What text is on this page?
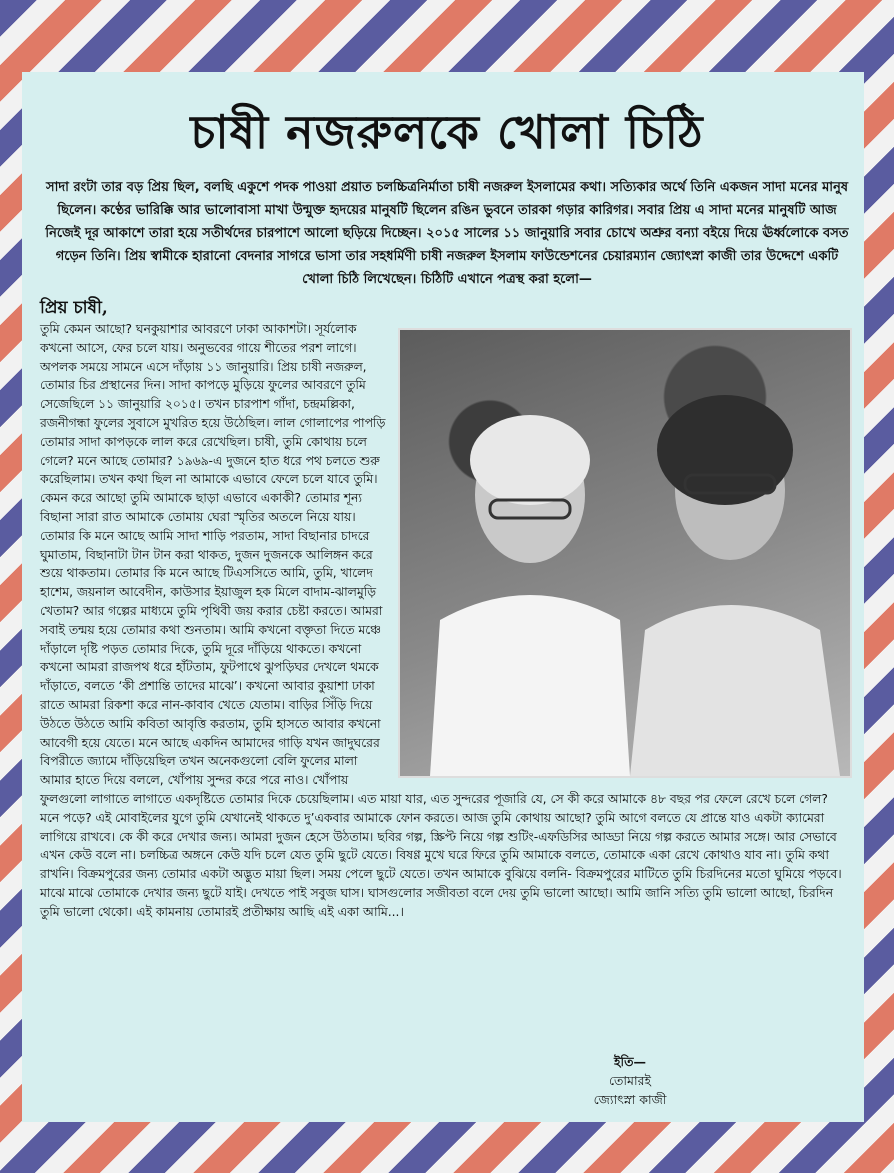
চাষী নজরুলকে খোলা চিঠি

সাদা রংটা তার বড় প্রিয় ছিল, বলছি একুশে পদক পাওয়া প্রয়াত চলচ্চিত্রনির্মাতা চাষী নজরুল ইসলামের কথা। সত্যিকার অর্থে তিনি একজন সাদা মনের মানুষ ছিলেন। কণ্ঠের ভারিক্কি আর ভালোবাসা মাখা উন্মুক্ত হৃদয়ের মানুষটি ছিলেন রঙিন ভুবনে তারকা গড়ার কারিগর। সবার প্রিয় এ সাদা মনের মানুষটি আজ নিজেই দূর আকাশে তারা হয়ে সতীর্থদের চারপাশে আলো ছড়িয়ে দিচ্ছেন। ২০১৫ সালের ১১ জানুয়ারি সবার চোখে অশ্রুর বন্যা বইয়ে দিয়ে ঊর্ধ্বলোকে বসত গড়েন তিনি। প্রিয় স্বামীকে হারানো বেদনার সাগরে ভাসা তার সহধর্মিণী চাষী নজরুল ইসলাম ফাউন্ডেশনের চেয়ারম্যান জ্যোৎস্না কাজী তার উদ্দেশে একটি খোলা চিঠি লিখেছেন। চিঠিটি এখানে পত্রস্থ করা হলো—

প্রিয় চাষী,

তুমি কেমন আছো? ঘনকুয়াশার আবরণে ঢাকা আকাশটা। সূর্যলোক কখনো আসে, ফের চলে যায়। অনুভবের গায়ে শীতের পরশ লাগে। অপলক সময়ে সামনে এসে দাঁড়ায় ১১ জানুয়ারি। প্রিয় চাষী নজরুল, তোমার চির প্রস্থানের দিন। সাদা কাপড়ে মুড়িয়ে ফুলের আবরণে তুমি সেজেছিলে ১১ জানুয়ারি ২০১৫। তখন চারপাশ গাঁদা, চন্দ্রমল্লিকা, রজনীগন্ধা ফুলের সুবাসে মুখরিত হয়ে উঠেছিল। লাল গোলাপের পাপড়ি তোমার সাদা কাপড়কে লাল করে রেখেছিল। চাষী, তুমি কোথায় চলে গেলে? মনে আছে তোমার? ১৯৬৯-এ দুজনে হাত ধরে পথ চলতে শুরু করেছিলাম। তখন কথা ছিল না আমাকে এভাবে ফেলে চলে যাবে তুমি। কেমন করে আছো তুমি আমাকে ছাড়া এভাবে একাকী? তোমার শূন্য বিছানা সারা রাত আমাকে তোমায় ঘেরা স্মৃতির অতলে নিয়ে যায়। তোমার কি মনে আছে আমি সাদা শাড়ি পরতাম, সাদা বিছানার চাদরে ঘুমাতাম, বিছানাটা টান টান করা থাকত, দুজন দুজনকে আলিঙ্গন করে শুয়ে থাকতাম। তোমার কি মনে আছে টিএসসিতে আমি, তুমি, খালেদ হাশেম, জয়নাল আবেদীন, কাউসার ইয়াজুল হক মিলে বাদাম-ঝালমুড়ি খেতাম? আর গল্পের মাধ্যমে তুমি পৃথিবী জয় করার চেষ্টা করতে। আমরা সবাই তন্ময় হয়ে তোমার কথা শুনতাম। আমি কখনো বক্তৃতা দিতে মঞ্চে দাঁড়ালে দৃষ্টি পড়ত তোমার দিকে, তুমি দূরে দাঁড়িয়ে থাকতে। কখনো কখনো আমরা রাজপথ ধরে হাঁটতাম, ফুটপাথে ঝুপড়িঘর দেখলে থমকে দাঁড়াতে, বলতে ‘কী প্রশান্তি তাদের মাঝে’। কখনো আবার কুয়াশা ঢাকা রাতে আমরা রিকশা করে নান-কাবাব খেতে যেতাম। বাড়ির সিঁড়ি দিয়ে উঠতে উঠতে আমি কবিতা আবৃত্তি করতাম, তুমি হাসতে আবার কখনো আবেগী হয়ে যেতে। মনে আছে একদিন আমাদের গাড়ি যখন জাদুঘরের বিপরীতে জ্যামে দাঁড়িয়েছিল তখন অনেকগুলো বেলি ফুলের মালা আমার হাতে দিয়ে বললে, খোঁপায় সুন্দর করে পরে নাও। খোঁপায় ফুলগুলো লাগাতে লাগাতে একদৃষ্টিতে তোমার দিকে চেয়েছিলাম। এত মায়া যার, এত সুন্দরের পূজারি যে, সে কী করে আমাকে ৪৮ বছর পর ফেলে রেখে চলে গেল?

মনে পড়ে? এই মোবাইলের যুগে তুমি যেখানেই থাকতে দু’একবার আমাকে ফোন করতে। আজ তুমি কোথায় আছো? তুমি আগে বলতে যে প্রান্তে যাও একটা ক্যামেরা লাগিয়ে রাখবে। কে কী করে দেখার জন্য। আমরা দুজন হেসে উঠতাম। ছবির গল্প, স্ক্রিপ্ট নিয়ে গল্প শুটিং-এফডিসির আড্ডা নিয়ে গল্প করতে আমার সঙ্গে। আর সেভাবে এখন কেউ বলে না। চলচ্চিত্র অঙ্গনে কেউ যদি চলে যেত তুমি ছুটে যেতে। বিষণ্ণ মুখে ঘরে ফিরে তুমি আমাকে বলতে, তোমাকে একা রেখে কোথাও যাব না। তুমি কথা রাখনি। বিক্রমপুরের জন্য তোমার একটা অদ্ভুত মায়া ছিল। সময় পেলে ছুটে যেতে। তখন আমাকে বুঝিয়ে বলনি- বিক্রমপুরের মাটিতে তুমি চিরদিনের মতো ঘুমিয়ে পড়বে। মাঝে মাঝে তোমাকে দেখার জন্য ছুটে যাই। দেখতে পাই সবুজ ঘাস। ঘাসগুলোর সজীবতা বলে দেয় তুমি ভালো আছো। আমি জানি সত্যি তুমি ভালো আছো, চিরদিন তুমি ভালো থেকো। এই কামনায় তোমারই প্রতীক্ষায় আছি এই একা আমি...।

ইতি—
তোমারই
জ্যোৎস্না কাজী
